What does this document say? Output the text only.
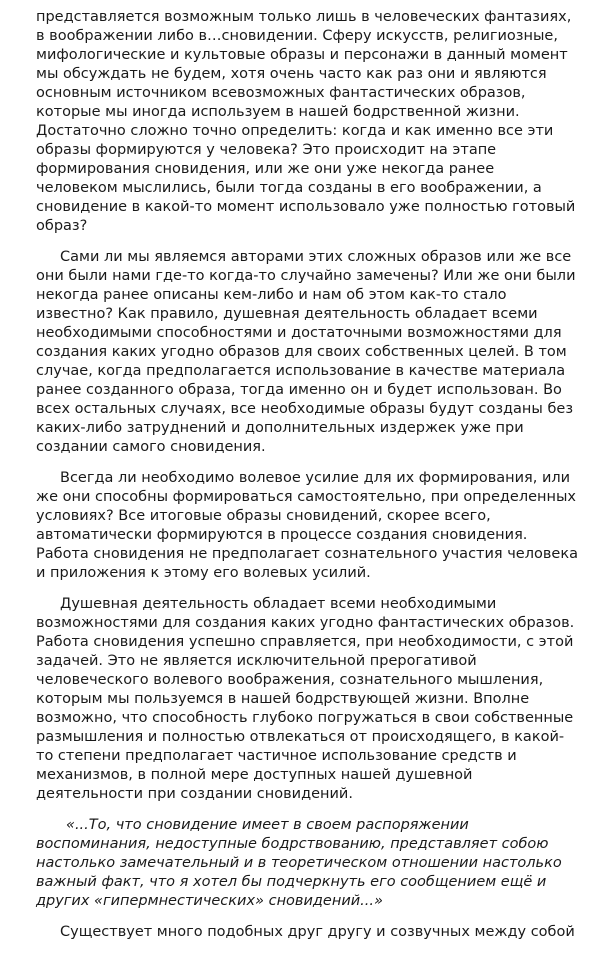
представляется возможным только лишь в человеческих фантазиях, в воображении либо в…сновидении. Сферу искусств, религиозные, мифологические и культовые образы и персонажи в данный момент мы обсуждать не будем, хотя очень часто как раз они и являются основным источником всевозможных фантастических образов, которые мы иногда используем в нашей бодрственной жизни. Достаточно сложно точно определить: когда и как именно все эти образы формируются у человека? Это происходит на этапе формирования сновидения, или же они уже некогда ранее человеком мыслились, были тогда созданы в его воображении, а сновидение в какой-то момент использовало уже полностью готовый образ?

Сами ли мы являемся авторами этих сложных образов или же все они были нами где-то когда-то случайно замечены? Или же они были некогда ранее описаны кем-либо и нам об этом как-то стало известно? Как правило, душевная деятельность обладает всеми необходимыми способностями и достаточными возможностями для создания каких угодно образов для своих собственных целей. В том случае, когда предполагается использование в качестве материала ранее созданного образа, тогда именно он и будет использован. Во всех остальных случаях, все необходимые образы будут созданы без каких-либо затруднений и дополнительных издержек уже при создании самого сновидения.

Всегда ли необходимо волевое усилие для их формирования, или же они способны формироваться самостоятельно, при определенных условиях? Все итоговые образы сновидений, скорее всего, автоматически формируются в процессе создания сновидения. Работа сновидения не предполагает сознательного участия человека и приложения к этому его волевых усилий.

Душевная деятельность обладает всеми необходимыми возможностями для создания каких угодно фантастических образов. Работа сновидения успешно справляется, при необходимости, с этой задачей. Это не является исключительной прерогативой человеческого волевого воображения, сознательного мышления, которым мы пользуемся в нашей бодрствующей жизни. Вполне возможно, что способность глубоко погружаться в свои собственные размышления и полностью отвлекаться от происходящего, в какой-то степени предполагает частичное использование средств и механизмов, в полной мере доступных нашей душевной деятельности при создании сновидений.

«...То, что сновидение имеет в своем распоряжении воспоминания, недоступные бодрствованию, представляет собою настолько замечательный и в теоретическом отношении настолько важный факт, что я хотел бы подчеркнуть его сообщением ещё и других «гипермнестических» сновидений...»

Существует много подобных друг другу и созвучных между собой
